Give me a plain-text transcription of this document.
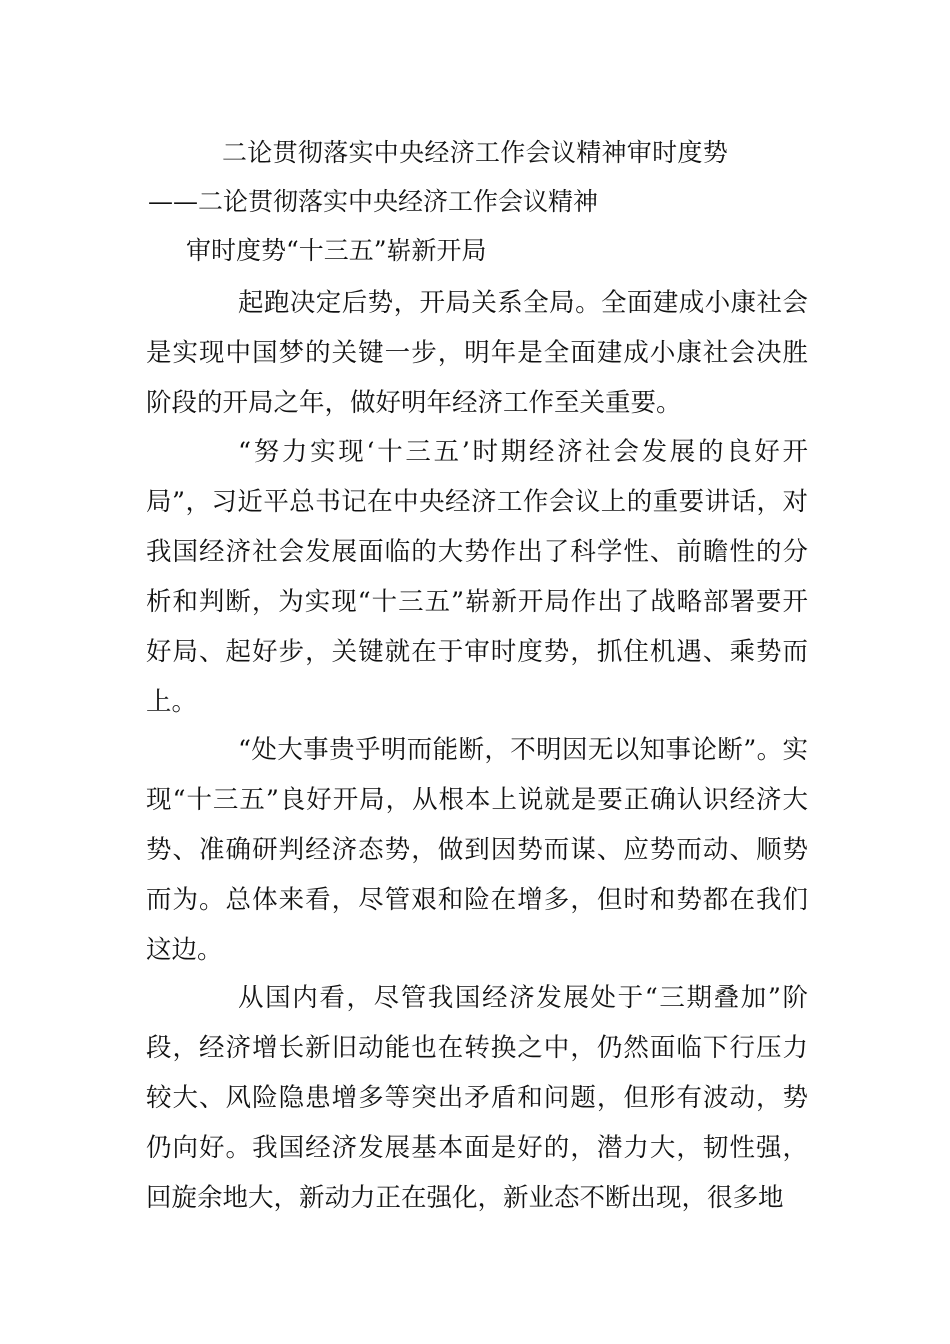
二论贯彻落实中央经济工作会议精神审时度势
——二论贯彻落实中央经济工作会议精神
审时度势“十三五”崭新开局

起跑决定后势，开局关系全局。全面建成小康社会是实现中国梦的关键一步，明年是全面建成小康社会决胜阶段的开局之年，做好明年经济工作至关重要。

“努力实现‘十三五’时期经济社会发展的良好开局”，习近平总书记在中央经济工作会议上的重要讲话，对我国经济社会发展面临的大势作出了科学性、前瞻性的分析和判断，为实现“十三五”崭新开局作出了战略部署要开好局、起好步，关键就在于审时度势，抓住机遇、乘势而上。

“处大事贵乎明而能断，不明因无以知事论断”。实现“十三五”良好开局，从根本上说就是要正确认识经济大势、准确研判经济态势，做到因势而谋、应势而动、顺势而为。总体来看，尽管艰和险在增多，但时和势都在我们这边。

从国内看，尽管我国经济发展处于“三期叠加”阶段，经济增长新旧动能也在转换之中，仍然面临下行压力较大、风险隐患增多等突出矛盾和问题，但形有波动，势仍向好。我国经济发展基本面是好的，潜力大，韧性强，回旋余地大，新动力正在强化，新业态不断出现，很多地
